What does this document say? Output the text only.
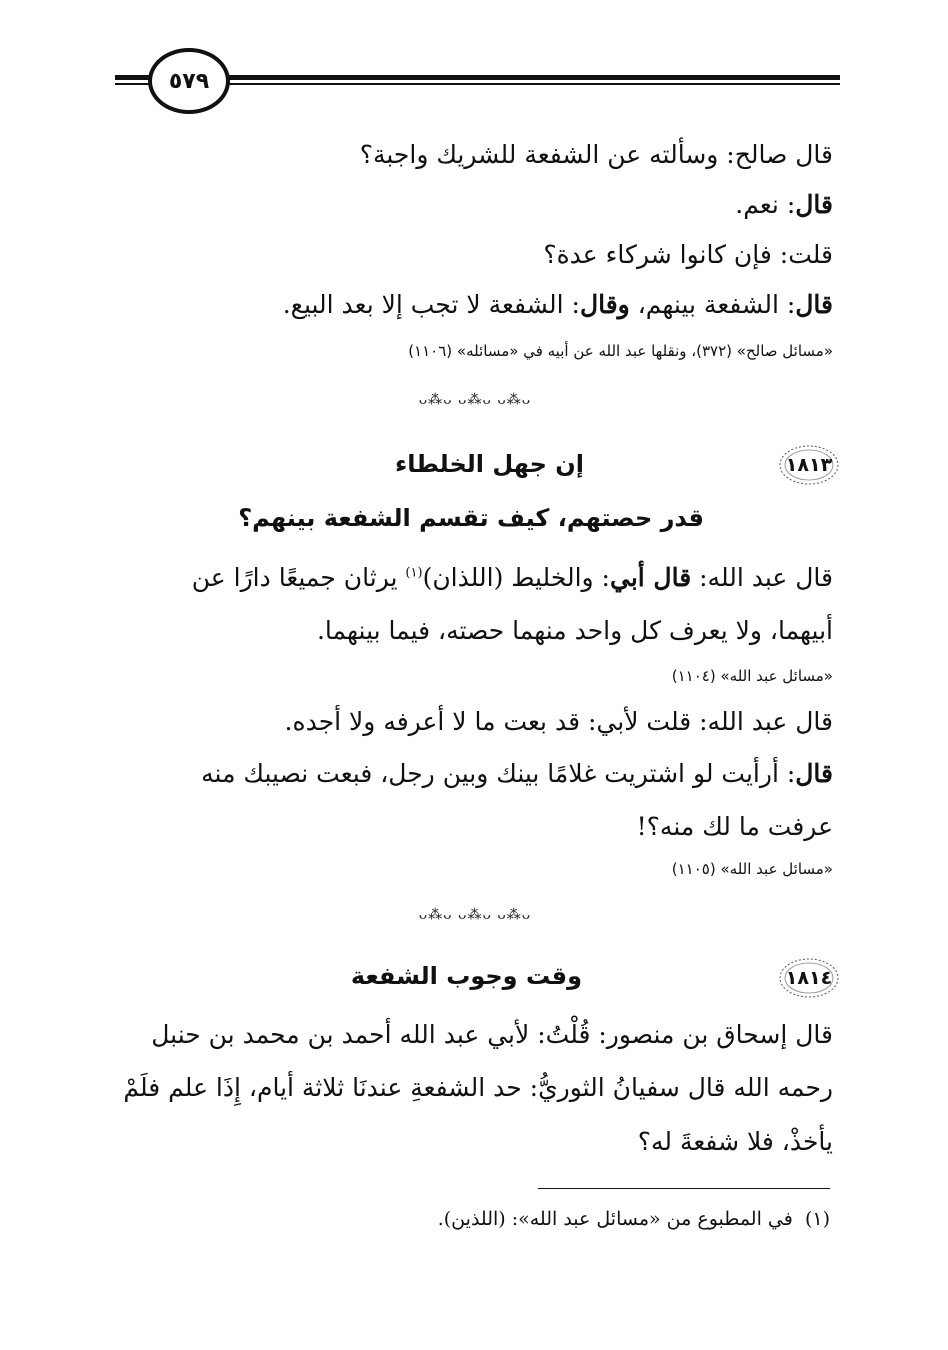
٥٧٩
قال صالح: وسألته عن الشفعة للشريك واجبة؟
قال: نعم.
قلت: فإن كانوا شركاء عدة؟
قال: الشفعة بينهم، وقال: الشفعة لا تجب إلا بعد البيع.
«مسائل صالح» (٣٧٢)، ونقلها عبد الله عن أبيه في «مسائله» (١١٠٦)
ᴗ⁂ᴗ ᴗ⁂ᴗ ᴗ⁂ᴗ
١٨١٣
إن جهل الخلطاء
قدر حصتهم، كيف تقسم الشفعة بينهم؟
قال عبد الله: قال أبي: والخليط (اللذان)$^{(١)}$ يرثان جميعًا دارًا عن
أبيهما، ولا يعرف كل واحد منهما حصته، فيما بينهما.
«مسائل عبد الله» (١١٠٤)
قال عبد الله: قلت لأبي: قد بعت ما لا أعرفه ولا أجده.
قال: أرأيت لو اشتريت غلامًا بينك وبين رجل، فبعت نصيبك منه
عرفت ما لك منه؟!
«مسائل عبد الله» (١١٠٥)
ᴗ⁂ᴗ ᴗ⁂ᴗ ᴗ⁂ᴗ
١٨١٤
وقت وجوب الشفعة
قال إسحاق بن منصور: قُلْتُ: لأبي عبد الله أحمد بن محمد بن حنبل
رحمه الله قال سفيانُ الثوريُّ: حد الشفعةِ عندنَا ثلاثة أيام، إِذَا علم فلَمْ
يأخذْ، فلا شفعةَ له؟
(١)  في المطبوع من «مسائل عبد الله»: (اللذين).
